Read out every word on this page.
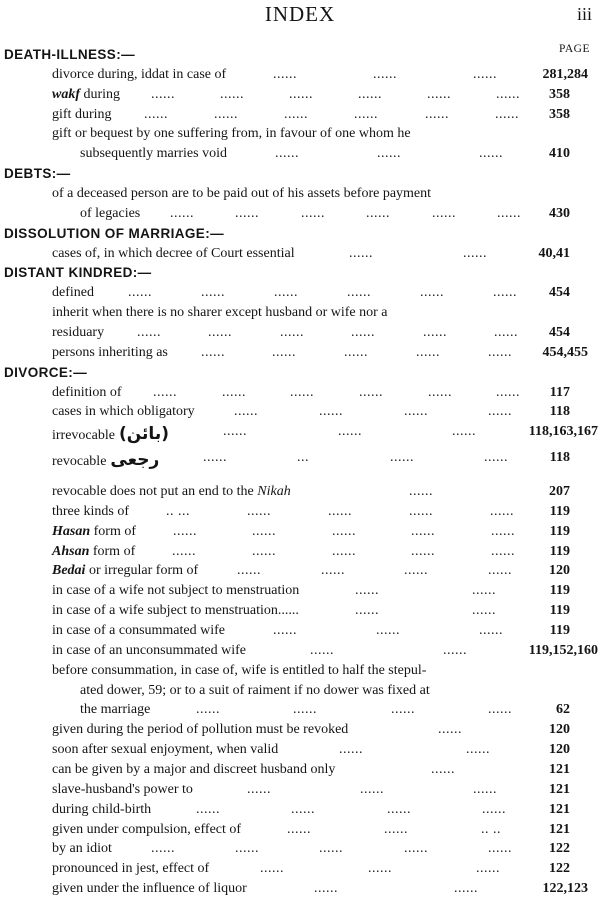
INDEX	iii
PAGE
DEATH-ILLNESS:—
divorce during, iddat in case of	281,284
......	......	......
wakf during	358
......	......	......	......	......	......
gift during	358
......	......	......	......	......	......
gift or bequest by one suffering from, in favour of one whom he
subsequently marries void	410
......	......	......
DEBTS:—
of a deceased person are to be paid out of his assets before payment
of legacies	430
......	......	......	......	......	......
DISSOLUTION OF MARRIAGE:—
cases of, in which decree of Court essential	40,41
......	......
DISTANT KINDRED:—
defined	454
......	......	......	......	......	......
inherit when there is no sharer except husband or wife nor a
residuary	454
......	......	......	......	......	......
persons inheriting as	454,455
......	......	......	......	......
DIVORCE:—
definition of	117
......	......	......	......	......	......
cases in which obligatory	118
......	......	......	......
irrevocable (بائن)	118,163,167
......	......	......
revocable رجعی	118
......	...	......	......
revocable does not put an end to the Nikah	207
......
three kinds of	119
.. ...	......	......	......	......
Hasan form of	119
......	......	......	......	......
Ahsan form of	119
......	......	......	......	......
Bedai or irregular form of	120
......	......	......	......
in case of a wife not subject to menstruation	119
......	......
in case of a wife subject to menstruation......	119
......	......
in case of a consummated wife	119
......	......	......
in case of an unconsummated wife	119,152,160
......	......
before consummation, in case of, wife is entitled to half the stepul-
ated dower, 59; or to a suit of raiment if no dower was fixed at
the marriage	62
......	......	......	......
given during the period of pollution must be revoked	120
......
soon after sexual enjoyment, when valid	120
......	......
can be given by a major and discreet husband only	121
......
slave-husband's power to	121
......	......	......
during child-birth	121
......	......	......	......
given under compulsion, effect of	121
......	......	.. ..
by an idiot	122
......	......	......	......	......
pronounced in jest, effect of	122
......	......	......
given under the influence of liquor	122,123
......	......
